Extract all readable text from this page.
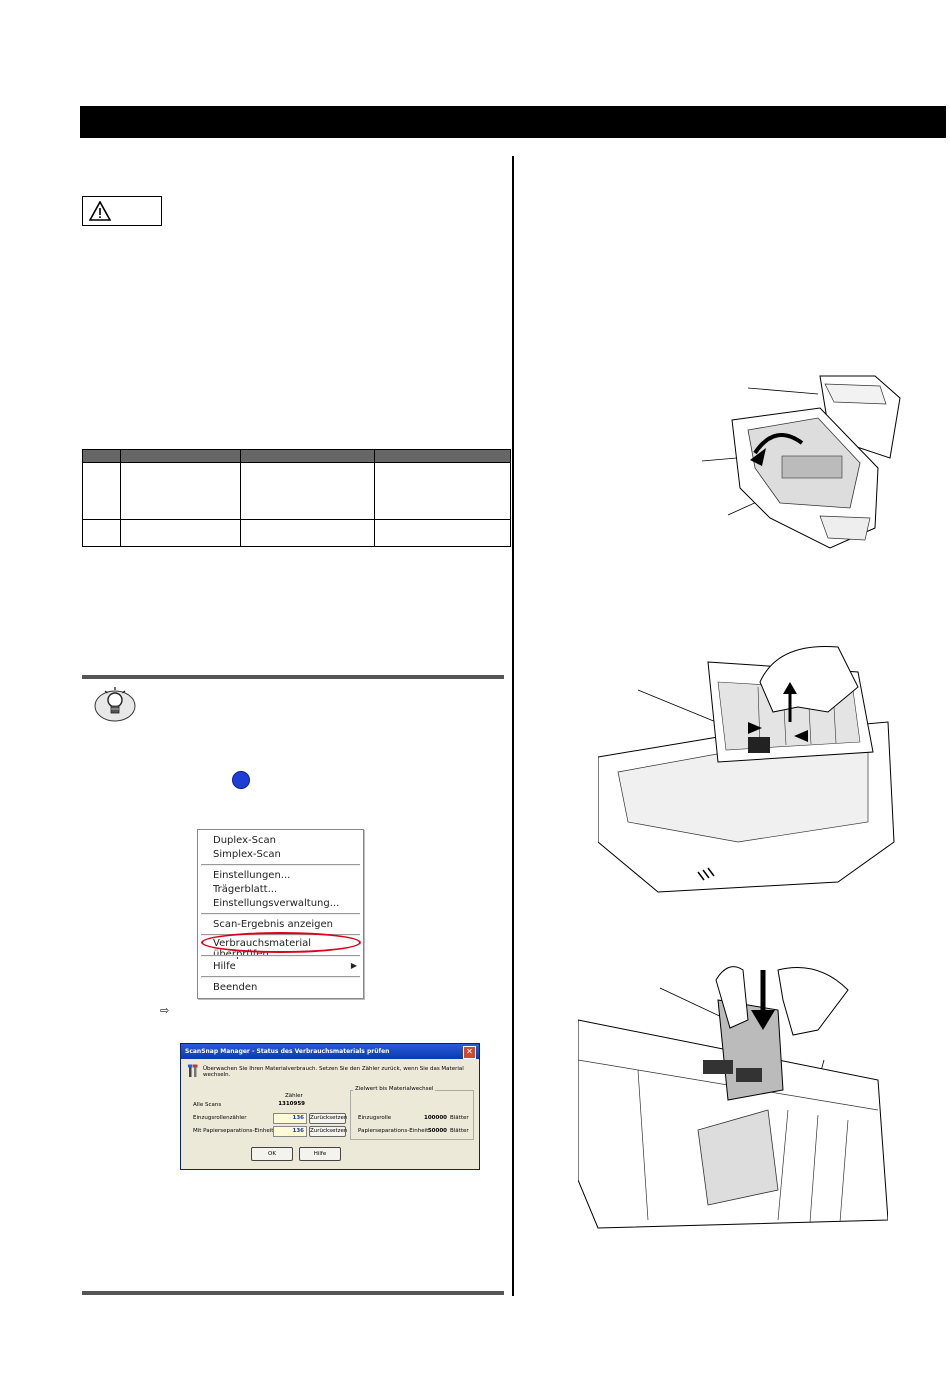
Duplex-Scan
Simplex-Scan
Einstellungen...
Trägerblatt...
Einstellungsverwaltung...
Scan-Ergebnis anzeigen
Verbrauchsmaterial
Hilfe	▶
Beenden
⇨
ScanSnap Manager - Status des Verbrauchsmaterials prüfen	✕
Überwachen Sie Ihren Materialverbrauch. Setzen Sie den Zähler zurück, wenn Sie das Material wechseln.
Zähler
Alle Scans	1310959
Einzugsrollenzähler	136	Zurücksetzen
Mit Papierseparations-Einheit	136	Zurücksetzen
Zielwert bis Materialwechsel
Einzugsrolle	100000 Blätter
Papierseparations-Einheit 50000 Blätter
OK	Hilfe
